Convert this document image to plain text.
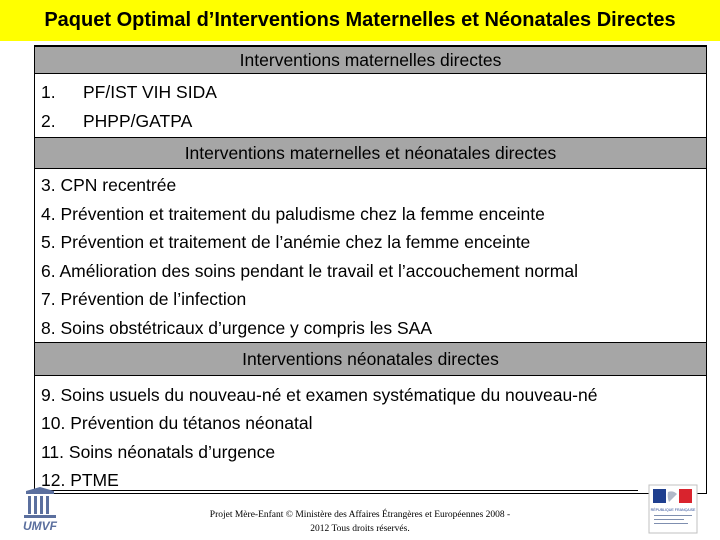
Paquet Optimal d’Interventions Maternelles et Néonatales Directes
Interventions maternelles directes
1. PF/IST VIH SIDA
2. PHPP/GATPA
Interventions maternelles et néonatales directes
3. CPN recentrée
4. Prévention et traitement du paludisme chez la femme enceinte
5. Prévention et traitement de l’anémie chez la femme enceinte
6. Amélioration des soins pendant le travail et l’accouchement normal
7. Prévention de l’infection
8. Soins obstétricaux d’urgence y compris les SAA
Interventions néonatales directes
9. Soins usuels du nouveau-né et examen systématique du nouveau-né
10. Prévention du tétanos néonatal
11. Soins néonatals d’urgence
12. PTME
UMVF
RÉPUBLIQUE FRANÇAISE
Projet Mère-Enfant © Ministère des Affaires Étrangères et Européennes 2008 -
2012 Tous droits réservés.
